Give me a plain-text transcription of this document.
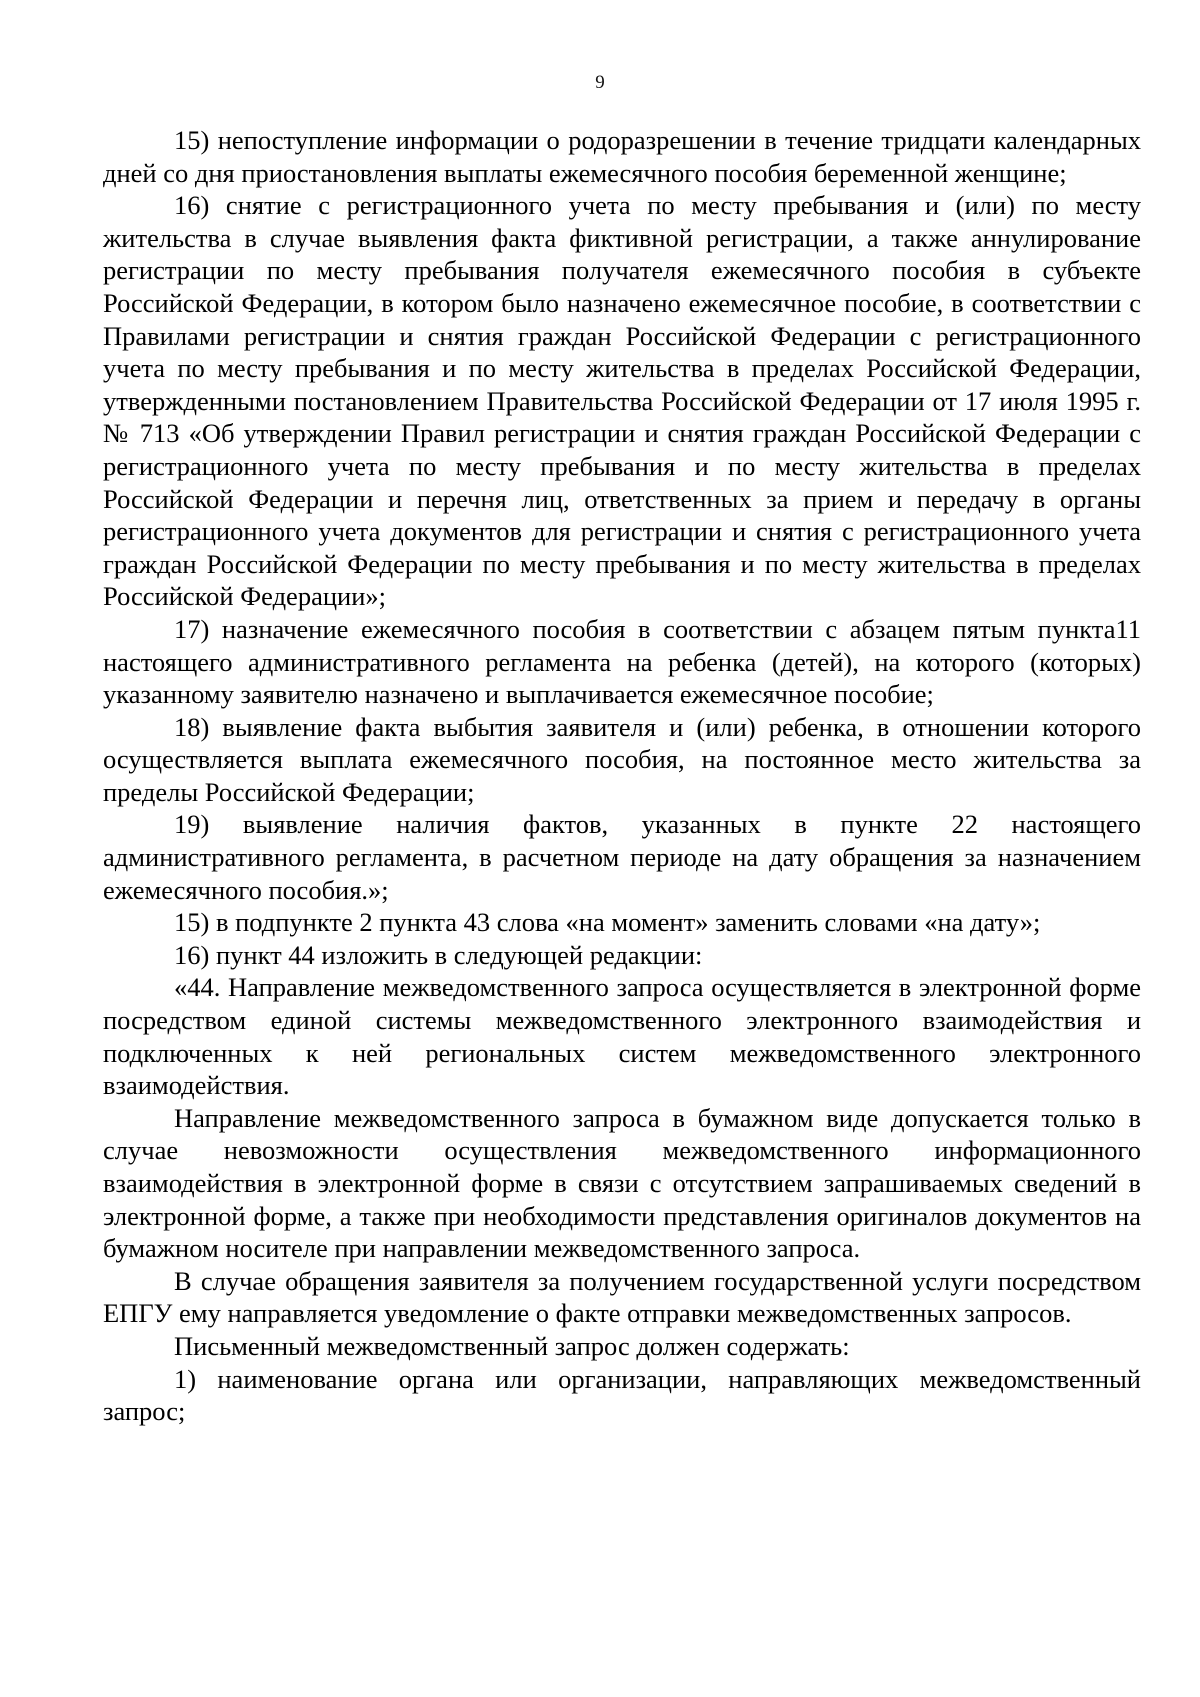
9

15) непоступление информации о родоразрешении в течение тридцати календарных дней со дня приостановления выплаты ежемесячного пособия беременной женщине;

16) снятие с регистрационного учета по месту пребывания и (или) по месту жительства в случае выявления факта фиктивной регистрации, а также аннулирование регистрации по месту пребывания получателя ежемесячного пособия в субъекте Российской Федерации, в котором было назначено ежемесячное пособие, в соответствии с Правилами регистрации и снятия граждан Российской Федерации с регистрационного учета по месту пребывания и по месту жительства в пределах Российской Федерации, утвержденными постановлением Правительства Российской Федерации от 17 июля 1995 г. № 713 «Об утверждении Правил регистрации и снятия граждан Российской Федерации с регистрационного учета по месту пребывания и по месту жительства в пределах Российской Федерации и перечня лиц, ответственных за прием и передачу в органы регистрационного учета документов для регистрации и снятия с регистрационного учета граждан Российской Федерации по месту пребывания и по месту жительства в пределах Российской Федерации»;

17) назначение ежемесячного пособия в соответствии с абзацем пятым пункта11 настоящего административного регламента на ребенка (детей), на которого (которых) указанному заявителю назначено и выплачивается ежемесячное пособие;

18) выявление факта выбытия заявителя и (или) ребенка, в отношении которого осуществляется выплата ежемесячного пособия, на постоянное место жительства за пределы Российской Федерации;

19) выявление наличия фактов, указанных в пункте 22 настоящего административного регламента, в расчетном периоде на дату обращения за назначением ежемесячного пособия.»;

15) в подпункте 2 пункта 43 слова «на момент» заменить словами «на дату»;

16) пункт 44 изложить в следующей редакции:

«44. Направление межведомственного запроса осуществляется в электронной форме посредством единой системы межведомственного электронного взаимодействия и подключенных к ней региональных систем межведомственного электронного взаимодействия.

Направление межведомственного запроса в бумажном виде допускается только в случае невозможности осуществления межведомственного информационного взаимодействия в электронной форме в связи с отсутствием запрашиваемых сведений в электронной форме, а также при необходимости представления оригиналов документов на бумажном носителе при направлении межведомственного запроса.

В случае обращения заявителя за получением государственной услуги посредством ЕПГУ ему направляется уведомление о факте отправки межведомственных запросов.

Письменный межведомственный запрос должен содержать:

1) наименование органа или организации, направляющих межведомственный запрос;
